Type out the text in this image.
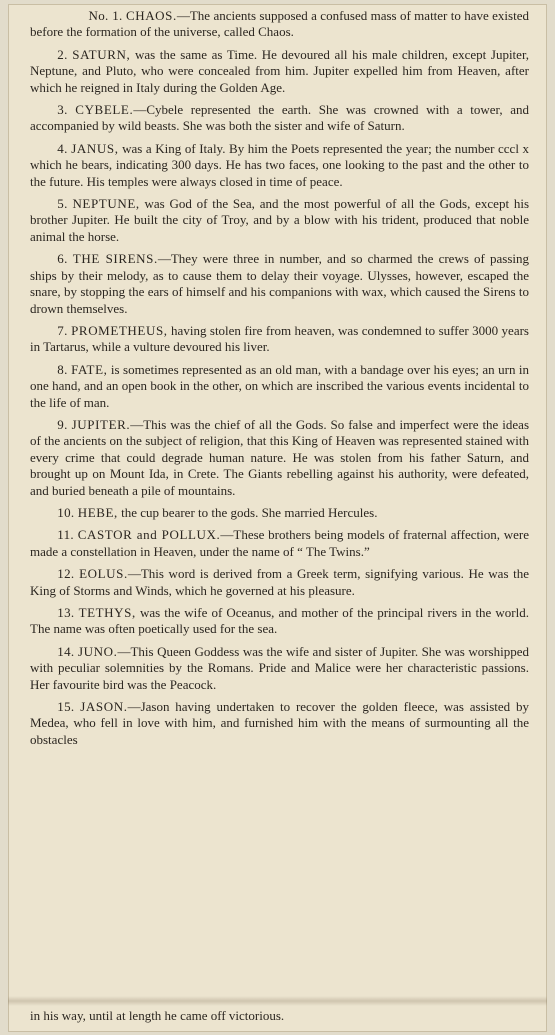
No. 1. CHAOS.—The ancients supposed a confused mass of matter to have existed before the formation of the universe, called Chaos.

2. SATURN, was the same as Time. He devoured all his male children, except Jupiter, Neptune, and Pluto, who were concealed from him. Jupiter expelled him from Heaven, after which he reigned in Italy during the Golden Age.

3. CYBELE.—Cybele represented the earth. She was crowned with a tower, and accompanied by wild beasts. She was both the sister and wife of Saturn.

4. JANUS, was a King of Italy. By him the Poets represented the year; the number cccl x which he bears, indicating 300 days. He has two faces, one looking to the past and the other to the future. His temples were always closed in time of peace.

5. NEPTUNE, was God of the Sea, and the most powerful of all the Gods, except his brother Jupiter. He built the city of Troy, and by a blow with his trident, produced that noble animal the horse.

6. THE SIRENS.—They were three in number, and so charmed the crews of passing ships by their melody, as to cause them to delay their voyage. Ulysses, however, escaped the snare, by stopping the ears of himself and his companions with wax, which caused the Sirens to drown themselves.

7. PROMETHEUS, having stolen fire from heaven, was condemned to suffer 3000 years in Tartarus, while a vulture devoured his liver.

8. FATE, is sometimes represented as an old man, with a bandage over his eyes; an urn in one hand, and an open book in the other, on which are inscribed the various events incidental to the life of man.

9. JUPITER.—This was the chief of all the Gods. So false and imperfect were the ideas of the ancients on the subject of religion, that this King of Heaven was represented stained with every crime that could degrade human nature. He was stolen from his father Saturn, and brought up on Mount Ida, in Crete. The Giants rebelling against his authority, were defeated, and buried beneath a pile of mountains.

10. HEBE, the cup bearer to the gods. She married Hercules.

11. CASTOR and POLLUX.—These brothers being models of fraternal affection, were made a constellation in Heaven, under the name of “ The Twins.”

12. EOLUS.—This word is derived from a Greek term, signifying various. He was the King of Storms and Winds, which he governed at his pleasure.

13. TETHYS, was the wife of Oceanus, and mother of the principal rivers in the world. The name was often poetically used for the sea.

14. JUNO.—This Queen Goddess was the wife and sister of Jupiter. She was worshipped with peculiar solemnities by the Romans. Pride and Malice were her characteristic passions. Her favourite bird was the Peacock.

15. JASON.—Jason having undertaken to recover the golden fleece, was assisted by Medea, who fell in love with him, and furnished him with the means of surmounting all the obstacles

in his way, until at length he came off victorious.
